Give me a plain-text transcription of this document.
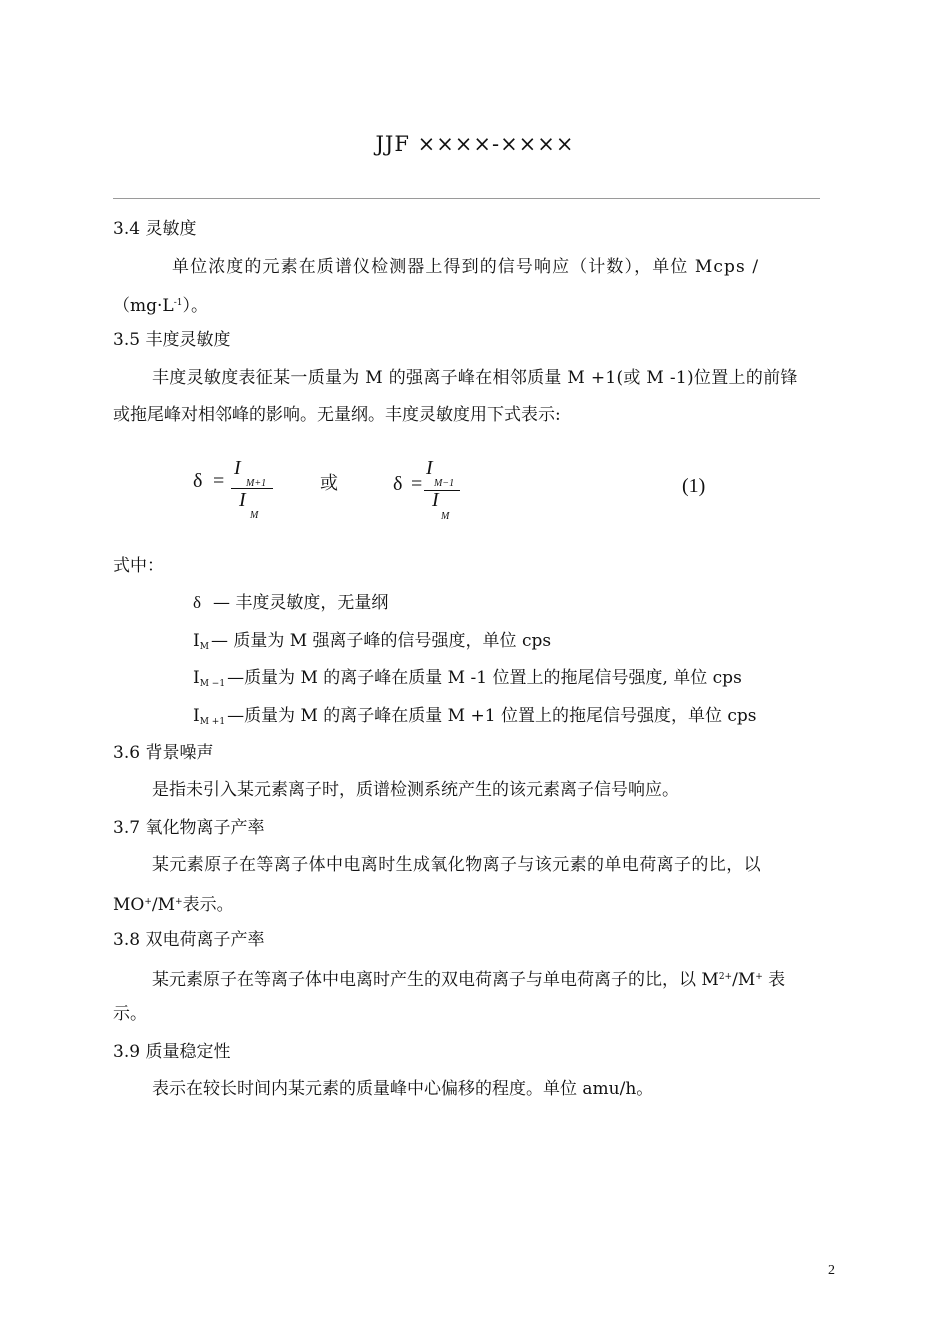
JJF ××××-××××
3.4 灵敏度
单位浓度的元素在质谱仪检测器上得到的信号响应（计数），单位 Mcps /
$(mg\cdot L^{-1})$。
3.5 丰度灵敏度
丰度灵敏度表征某一质量为 M 的强离子峰在相邻质量 M +1(或 M -1)位置上的前锋
或拖尾峰对相邻峰的影响。无量纲。丰度灵敏度用下式表示:
δ =
I
M+1
I
M
或	δ =
I
M−1
I
M
(1)
式中：
δ — 丰度灵敏度，无量纲
$I_M$ — 质量为 M 强离子峰的信号强度，单位 cps
$I_{M -1}$ —质量为 M 的离子峰在质量 M -1 位置上的拖尾信号强度, 单位 cps
$I_{M +1}$ —质量为 M 的离子峰在质量 M +1 位置上的拖尾信号强度，单位 cps
3.6 背景噪声
是指未引入某元素离子时，质谱检测系统产生的该元素离子信号响应。
3.7 氧化物离子产率
某元素原子在等离子体中电离时生成氧化物离子与该元素的单电荷离子的比，以
MO+/M+表示。
3.8 双电荷离子产率
某元素原子在等离子体中电离时产生的双电荷离子与单电荷离子的比，以 $M^{2+}/M^+$ 表
示。
3.9 质量稳定性
表示在较长时间内某元素的质量峰中心偏移的程度。单位 amu/h。
2
